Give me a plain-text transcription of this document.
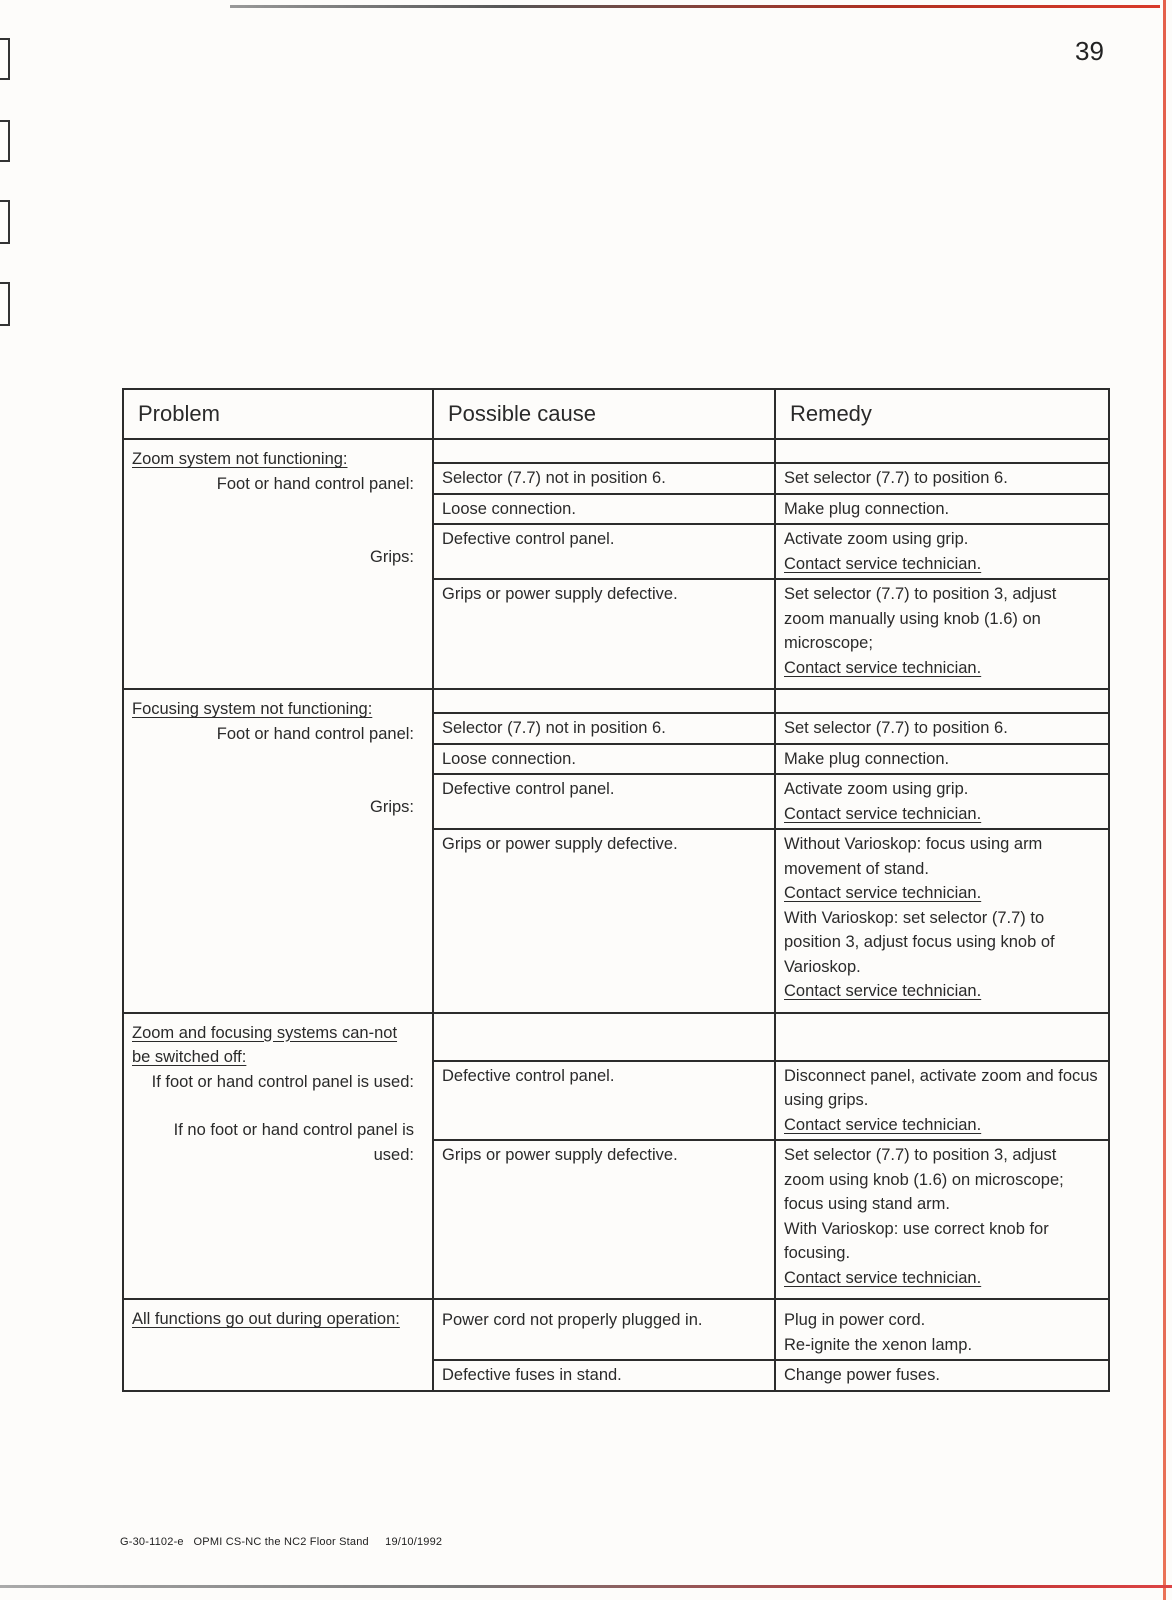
39
Problem	Possible cause	Remedy

Zoom system not functioning:
Foot or hand control panel:
Grips:		

	Selector (7.7) not in position 6.	Set selector (7.7) to position 6.

	Loose connection.	Make plug connection.

	Defective control panel.	Activate zoom using grip.
Contact service technician.

	Grips or power supply defective.	Set selector (7.7) to position 3, adjust zoom manually using knob (1.6) on microscope;
Contact service technician.

Focusing system not functioning:
Foot or hand control panel:
Grips:		

	Selector (7.7) not in position 6.	Set selector (7.7) to position 6.

	Loose connection.	Make plug connection.

	Defective control panel.	Activate zoom using grip.
Contact service technician.

	Grips or power supply defective.	Without Varioskop: focus using arm movement of stand.
Contact service technician.
With Varioskop: set selector (7.7) to position 3, adjust focus using knob of Varioskop.
Contact service technician.

Zoom and focusing systems can-not be switched off:
If foot or hand control panel is used:
If no foot or hand control panel is used:		

	Defective control panel.	Disconnect panel, activate zoom and focus using grips.
Contact service technician.

	Grips or power supply defective.	Set selector (7.7) to position 3, adjust zoom using knob (1.6) on microscope; focus using stand arm.
With Varioskop: use correct knob for focusing.
Contact service technician.

All functions go out during operation:	Power cord not properly plugged in.	Plug in power cord.
Re-ignite the xenon lamp.

	Defective fuses in stand.	Change power fuses.
G-30-1102-e OPMI CS-NC the NC2 Floor Stand 19/10/1992
